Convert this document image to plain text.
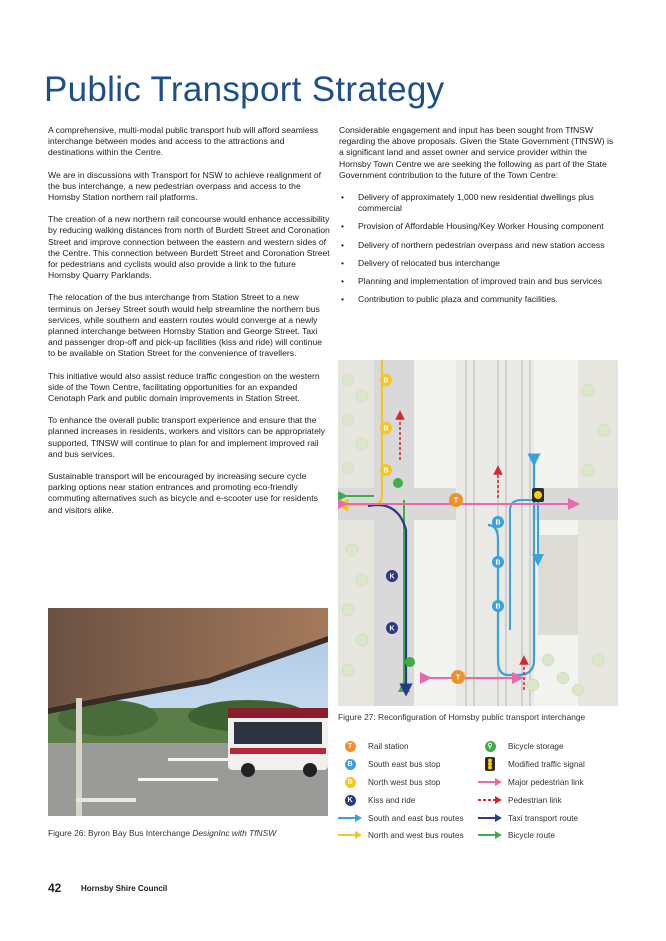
Public Transport Strategy

A comprehensive, multi-modal public transport hub will afford seamless interchange between modes and access to the attractions and destinations within the Centre.

We are in discussions with Transport for NSW to achieve realignment of the bus interchange, a new pedestrian overpass and access to the Hornsby Station northern rail platforms.

The creation of a new northern rail concourse would enhance accessibility by reducing walking distances from north of Burdett Street and Coronation Street and improve connection between the eastern and western sides of the Centre. This connection between Burdett Street and Coronation Street for pedestrians and cyclists would also provide a link to the future Hornsby Quarry Parklands.

The relocation of the bus interchange from Station Street to a new terminus on Jersey Street south would help streamline the northern bus services, while southern and eastern routes would converge at a newly planned interchange between Hornsby Station and George Street. Taxi and passenger drop-off and pick-up facilities (kiss and ride) will continue to be available on Station Street for the convenience of travellers.

This initiative would also assist reduce traffic congestion on the western side of the Town Centre, facilitating opportunities for an expanded Cenotaph Park and public domain improvements in Station Street.

To enhance the overall public transport experience and ensure that the planned increases in residents, workers and visitors can be appropriately supported, TfNSW will continue to plan for and implement improved rail and bus services.

Sustainable transport will be encouraged by increasing secure cycle parking options near station entrances and promoting eco-friendly commuting alternatives such as bicycle and e-scooter use for residents and visitors alike.

Considerable engagement and input has been sought from TfNSW regarding the above proposals. Given the State Government (TfNSW) is a significant land and asset owner and service provider within the Hornsby Town Centre we are seeking the following as part of the State Government contribution to the future of the Town Centre:

• Delivery of approximately 1,000 new residential dwellings plus commercial
• Provision of Affordable Housing/Key Worker Housing component
• Delivery of northern pedestrian overpass and new station access
• Delivery of relocated bus interchange
• Planning and implementation of improved train and bus services
• Contribution to public plaza and community facilities.
Figure 26: Byron Bay Bus Interchange DesignInc with TfNSW
B
B
B
T
T
B
B
B
K
K
Figure 27: Reconfiguration of Hornsby public transport interchange
T	Rail station
B	South east bus stop
B	North west bus stop
K	Kiss and ride
South and east bus routes
North and west bus routes
⚲	Bicycle storage
Modified traffic signal
Major pedestrian link
Pedestrian link
Taxi transport route
Bicycle route
42 Hornsby Shire Council
